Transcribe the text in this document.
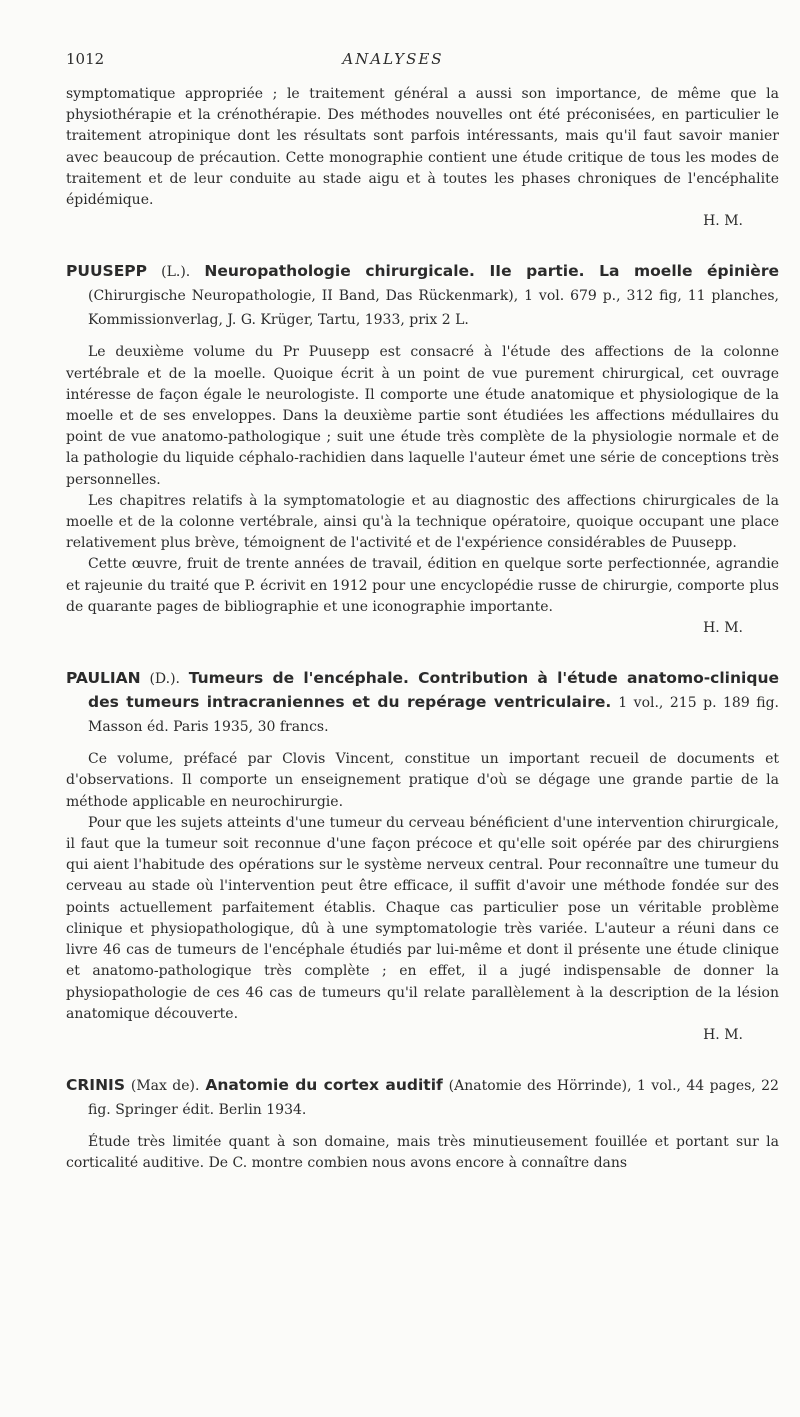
1012	ANALYSES

symptomatique appropriée ; le traitement général a aussi son importance, de même que la physiothérapie et la crénothérapie. Des méthodes nouvelles ont été préconisées, en particulier le traitement atropinique dont les résultats sont parfois intéressants, mais qu'il faut savoir manier avec beaucoup de précaution. Cette monographie contient une étude critique de tous les modes de traitement et de leur conduite au stade aigu et à toutes les phases chroniques de l'encéphalite épidémique.

H. M.

PUUSEPP (L.). Neuropathologie chirurgicale. IIe partie. La moelle épinière (Chirurgische Neuropathologie, II Band, Das Rückenmark), 1 vol. 679 p., 312 fig, 11 planches, Kommissionverlag, J. G. Krüger, Tartu, 1933, prix 2 L.

Le deuxième volume du Pr Puusepp est consacré à l'étude des affections de la colonne vertébrale et de la moelle. Quoique écrit à un point de vue purement chirurgical, cet ouvrage intéresse de façon égale le neurologiste. Il comporte une étude anatomique et physiologique de la moelle et de ses enveloppes. Dans la deuxième partie sont étudiées les affections médullaires du point de vue anatomo-pathologique ; suit une étude très complète de la physiologie normale et de la pathologie du liquide céphalo-rachidien dans laquelle l'auteur émet une série de conceptions très personnelles.

Les chapitres relatifs à la symptomatologie et au diagnostic des affections chirurgicales de la moelle et de la colonne vertébrale, ainsi qu'à la technique opératoire, quoique occupant une place relativement plus brève, témoignent de l'activité et de l'expérience considérables de Puusepp.

Cette œuvre, fruit de trente années de travail, édition en quelque sorte perfectionnée, agrandie et rajeunie du traité que P. écrivit en 1912 pour une encyclopédie russe de chirurgie, comporte plus de quarante pages de bibliographie et une iconographie importante.

H. M.

PAULIAN (D.). Tumeurs de l'encéphale. Contribution à l'étude anatomo-clinique des tumeurs intracraniennes et du repérage ventriculaire. 1 vol., 215 p. 189 fig. Masson éd. Paris 1935, 30 francs.

Ce volume, préfacé par Clovis Vincent, constitue un important recueil de documents et d'observations. Il comporte un enseignement pratique d'où se dégage une grande partie de la méthode applicable en neurochirurgie.

Pour que les sujets atteints d'une tumeur du cerveau bénéficient d'une intervention chirurgicale, il faut que la tumeur soit reconnue d'une façon précoce et qu'elle soit opérée par des chirurgiens qui aient l'habitude des opérations sur le système nerveux central. Pour reconnaître une tumeur du cerveau au stade où l'intervention peut être efficace, il suffit d'avoir une méthode fondée sur des points actuellement parfaitement établis. Chaque cas particulier pose un véritable problème clinique et physiopathologique, dû à une symptomatologie très variée. L'auteur a réuni dans ce livre 46 cas de tumeurs de l'encéphale étudiés par lui-même et dont il présente une étude clinique et anatomo-pathologique très complète ; en effet, il a jugé indispensable de donner la physiopathologie de ces 46 cas de tumeurs qu'il relate parallèlement à la description de la lésion anatomique découverte.

H. M.

CRINIS (Max de). Anatomie du cortex auditif (Anatomie des Hörrinde), 1 vol., 44 pages, 22 fig. Springer édit. Berlin 1934.

Étude très limitée quant à son domaine, mais très minutieusement fouillée et portant sur la corticalité auditive. De C. montre combien nous avons encore à connaître dans
